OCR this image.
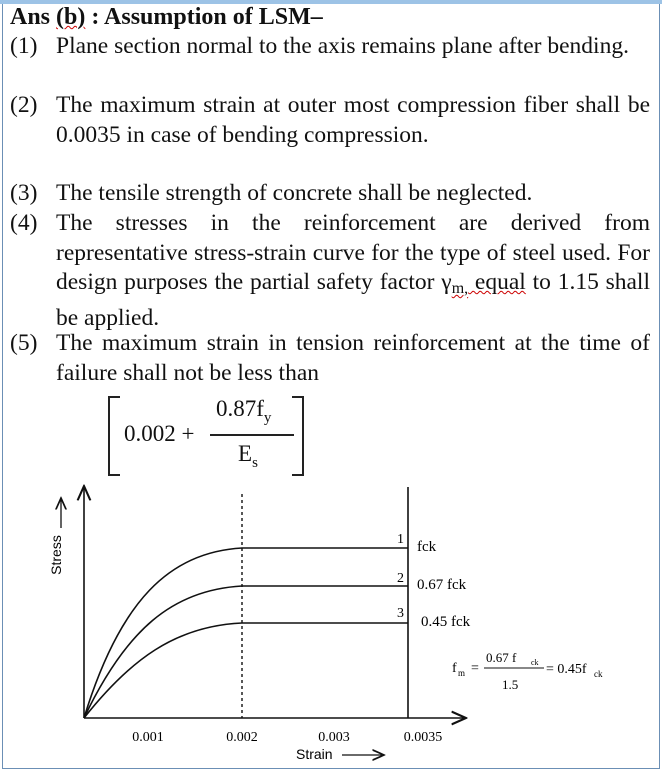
Ans (b) : Assumption of LSM–
(1) Plane section normal to the axis remains plane after bending.
(2) The maximum strain at outer most compression fiber shall be 0.0035 in case of bending compression.
(3) The tensile strength of concrete shall be neglected.
(4) The stresses in the reinforcement are derived from representative stress-strain curve for the type of steel used. For design purposes the partial safety factor $\gamma_{m,}$ equal to 1.15 shall be applied.
(5) The maximum strain in tension reinforcement at the time of failure shall not be less than
0.002 +
$0.87f_y$
$E_s$
Stress	1 fck
2 0.67 fck
3
0.45 fck
0.001	0.002	0.003	0.0035
Strain
f m =
0.67 f ck
1.5
= 0.45f ck
